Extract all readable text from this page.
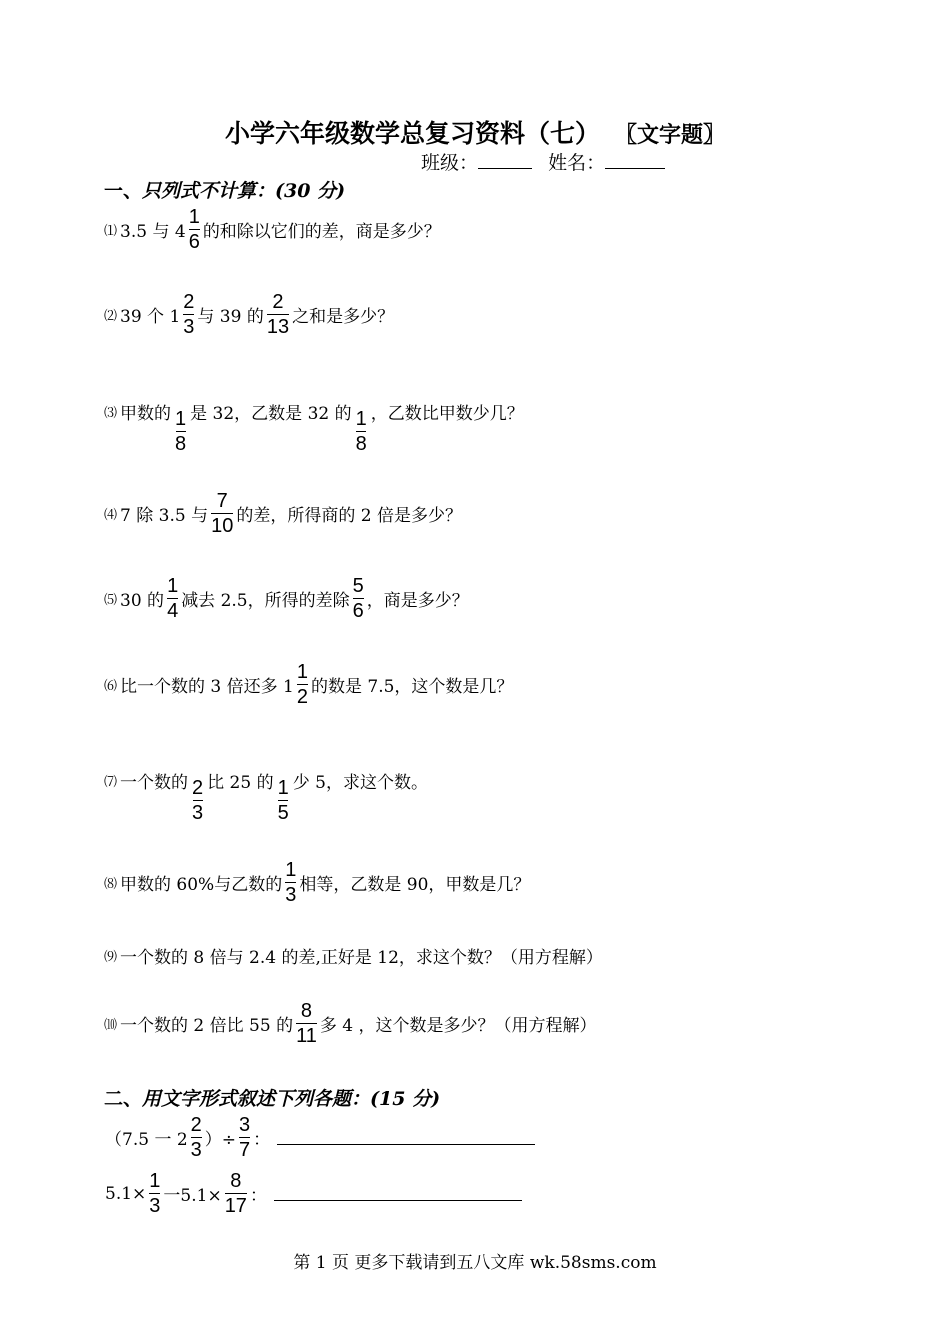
小学六年级数学总复习资料（七） 〖文字题〗
班级：	姓名：
一、只列式不计算：(30 分)
⑴ 3.5 与 $4 \frac{1}{6}$ 的和除以它们的差，商是多少？
⑵ 39 个 $1 \frac{2}{3}$ 与 39 的 $\frac{2}{13}$ 之和是多少？
⑶ 甲数的 1
8
是 32，乙数是 32 的 1
8
，乙数比甲数少几？
⑷ 7 除 3.5 与 $\frac{7}{10}$ 的差，所得商的 2 倍是多少？
⑸ 30 的 $\frac{1}{4}$ 减去 2.5，所得的差除 $\frac{5}{6}$ ，商是多少？
⑹ 比一个数的 3 倍还多 $1 \frac{1}{2}$ 的数是 7.5，这个数是几？
⑺ 一个数的 2
3
比 25 的 1
5
少 5，求这个数。
⑻ 甲数的 60%与乙数的 $\frac{1}{3}$ 相等，乙数是 90，甲数是几？
⑼ 一个数的 8 倍与 2.4 的差,正好是 12，求这个数？（用方程解）
⑽ 一个数的 2 倍比 55 的 $\frac{8}{11}$ 多 4 ，这个数是多少？（用方程解）
二、用文字形式叙述下列各题：(15 分)
（7.5 一 $2 \frac{2}{3}$ ）÷ $\frac{3}{7}$ ：
$5.1\times \frac{1}{3}$ 一$5.1\times \frac{8}{17}$ ：
第 1 页 更多下载请到五八文库 wk.58sms.com
